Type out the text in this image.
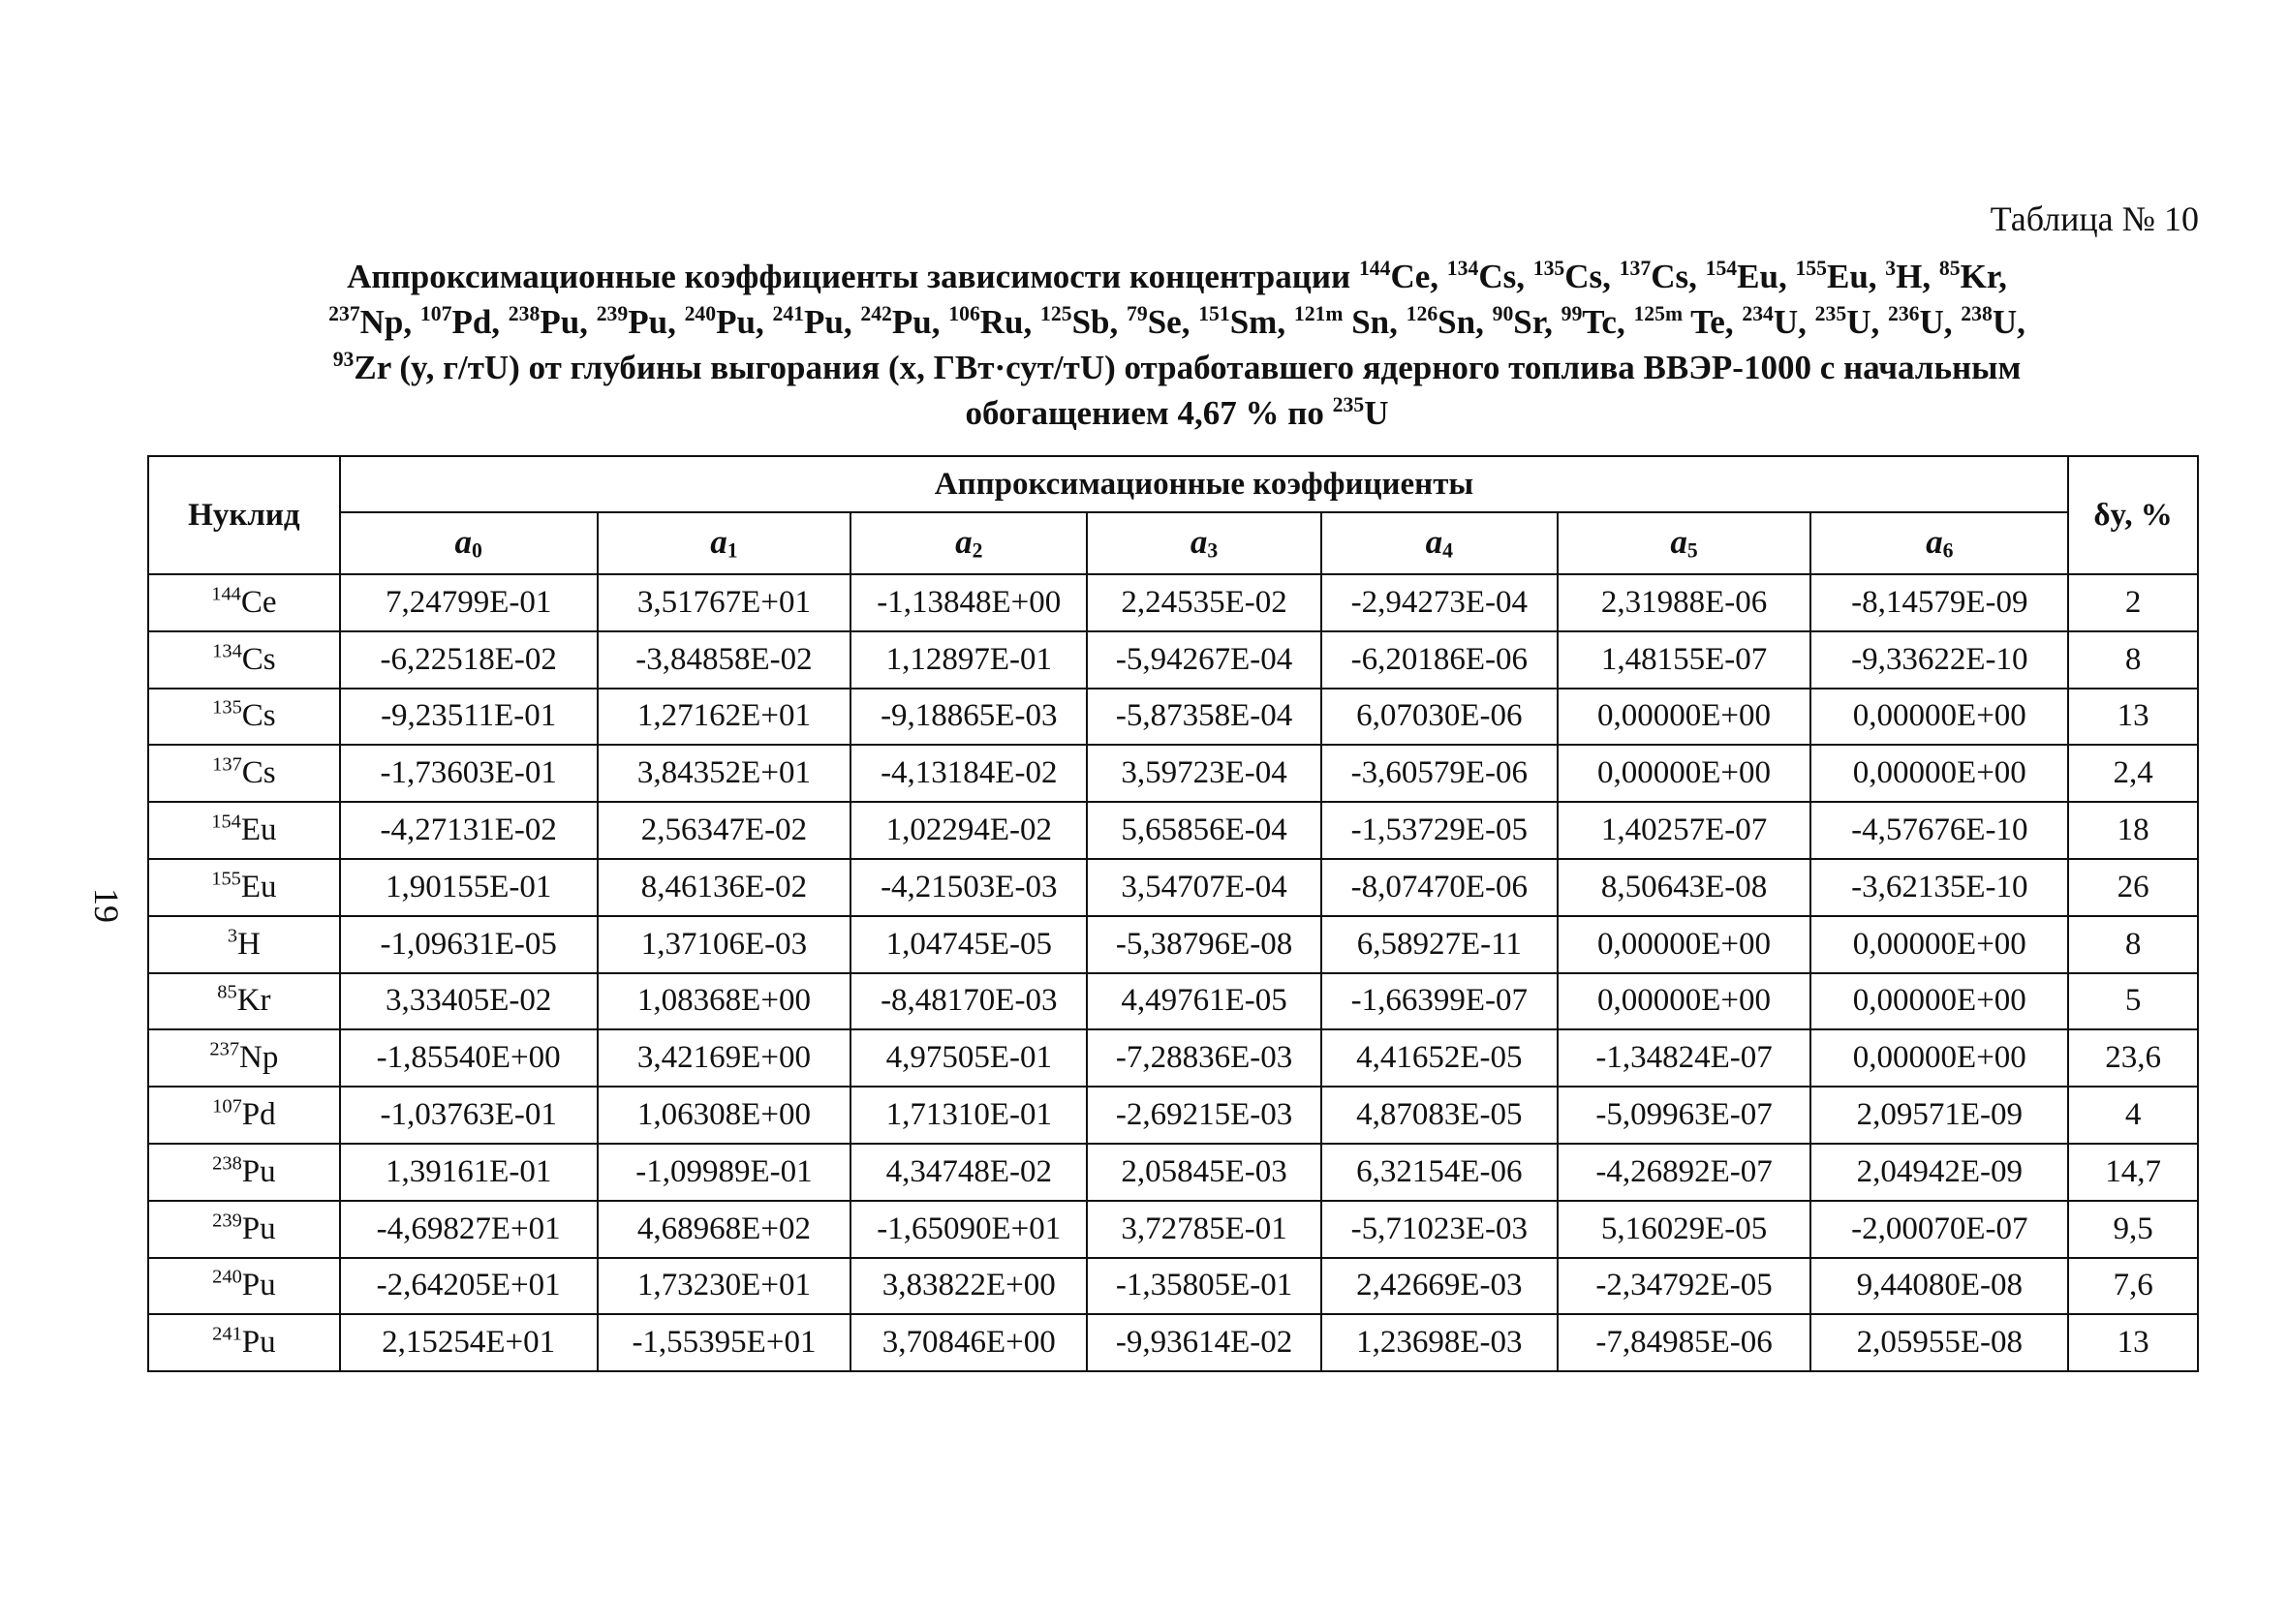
Таблица № 10
Аппроксимационные коэффициенты зависимости концентрации $^{144}$Ce, $^{134}$Cs, $^{135}$Cs, $^{137}$Cs, $^{154}$Eu, $^{155}$Eu, $^3$H, $^{85}$Kr,
$^{237}$Np, $^{107}$Pd, $^{238}$Pu, $^{239}$Pu, $^{240}$Pu, $^{241}$Pu, $^{242}$Pu, $^{106}$Ru, $^{125}$Sb, $^{79}$Se, $^{151}$Sm, $^{121m}$ Sn, $^{126}$Sn, $^{90}$Sr, $^{99}$Tc, $^{125m}$ Te, $^{234}$U, $^{235}$U, $^{236}$U, $^{238}$U,
$^{93}$Zr (y, г/тU) от глубины выгорания (x, ГВт·сут/тU) отработавшего ядерного топлива ВВЭР-1000 с начальным
обогащением 4,67 % по $^{235}$U
19
Нуклид	Аппроксимационные коэффициенты							δy, %
	$a_0$	$a_1$	$a_2$	$a_3$	$a_4$	$a_5$	$a_6$
$^{144}$Ce	7,24799E-01	3,51767E+01	-1,13848E+00	2,24535E-02	-2,94273E-04	2,31988E-06	-8,14579E-09	2
$^{134}$Cs	-6,22518E-02	-3,84858E-02	1,12897E-01	-5,94267E-04	-6,20186E-06	1,48155E-07	-9,33622E-10	8
$^{135}$Cs	-9,23511E-01	1,27162E+01	-9,18865E-03	-5,87358E-04	6,07030E-06	0,00000E+00	0,00000E+00	13
$^{137}$Cs	-1,73603E-01	3,84352E+01	-4,13184E-02	3,59723E-04	-3,60579E-06	0,00000E+00	0,00000E+00	2,4
$^{154}$Eu	-4,27131E-02	2,56347E-02	1,02294E-02	5,65856E-04	-1,53729E-05	1,40257E-07	-4,57676E-10	18
$^{155}$Eu	1,90155E-01	8,46136E-02	-4,21503E-03	3,54707E-04	-8,07470E-06	8,50643E-08	-3,62135E-10	26
$^3$H	-1,09631E-05	1,37106E-03	1,04745E-05	-5,38796E-08	6,58927E-11	0,00000E+00	0,00000E+00	8
$^{85}$Kr	3,33405E-02	1,08368E+00	-8,48170E-03	4,49761E-05	-1,66399E-07	0,00000E+00	0,00000E+00	5
$^{237}$Np	-1,85540E+00	3,42169E+00	4,97505E-01	-7,28836E-03	4,41652E-05	-1,34824E-07	0,00000E+00	23,6
$^{107}$Pd	-1,03763E-01	1,06308E+00	1,71310E-01	-2,69215E-03	4,87083E-05	-5,09963E-07	2,09571E-09	4
$^{238}$Pu	1,39161E-01	-1,09989E-01	4,34748E-02	2,05845E-03	6,32154E-06	-4,26892E-07	2,04942E-09	14,7
$^{239}$Pu	-4,69827E+01	4,68968E+02	-1,65090E+01	3,72785E-01	-5,71023E-03	5,16029E-05	-2,00070E-07	9,5
$^{240}$Pu	-2,64205E+01	1,73230E+01	3,83822E+00	-1,35805E-01	2,42669E-03	-2,34792E-05	9,44080E-08	7,6
$^{241}$Pu	2,15254E+01	-1,55395E+01	3,70846E+00	-9,93614E-02	1,23698E-03	-7,84985E-06	2,05955E-08	13
